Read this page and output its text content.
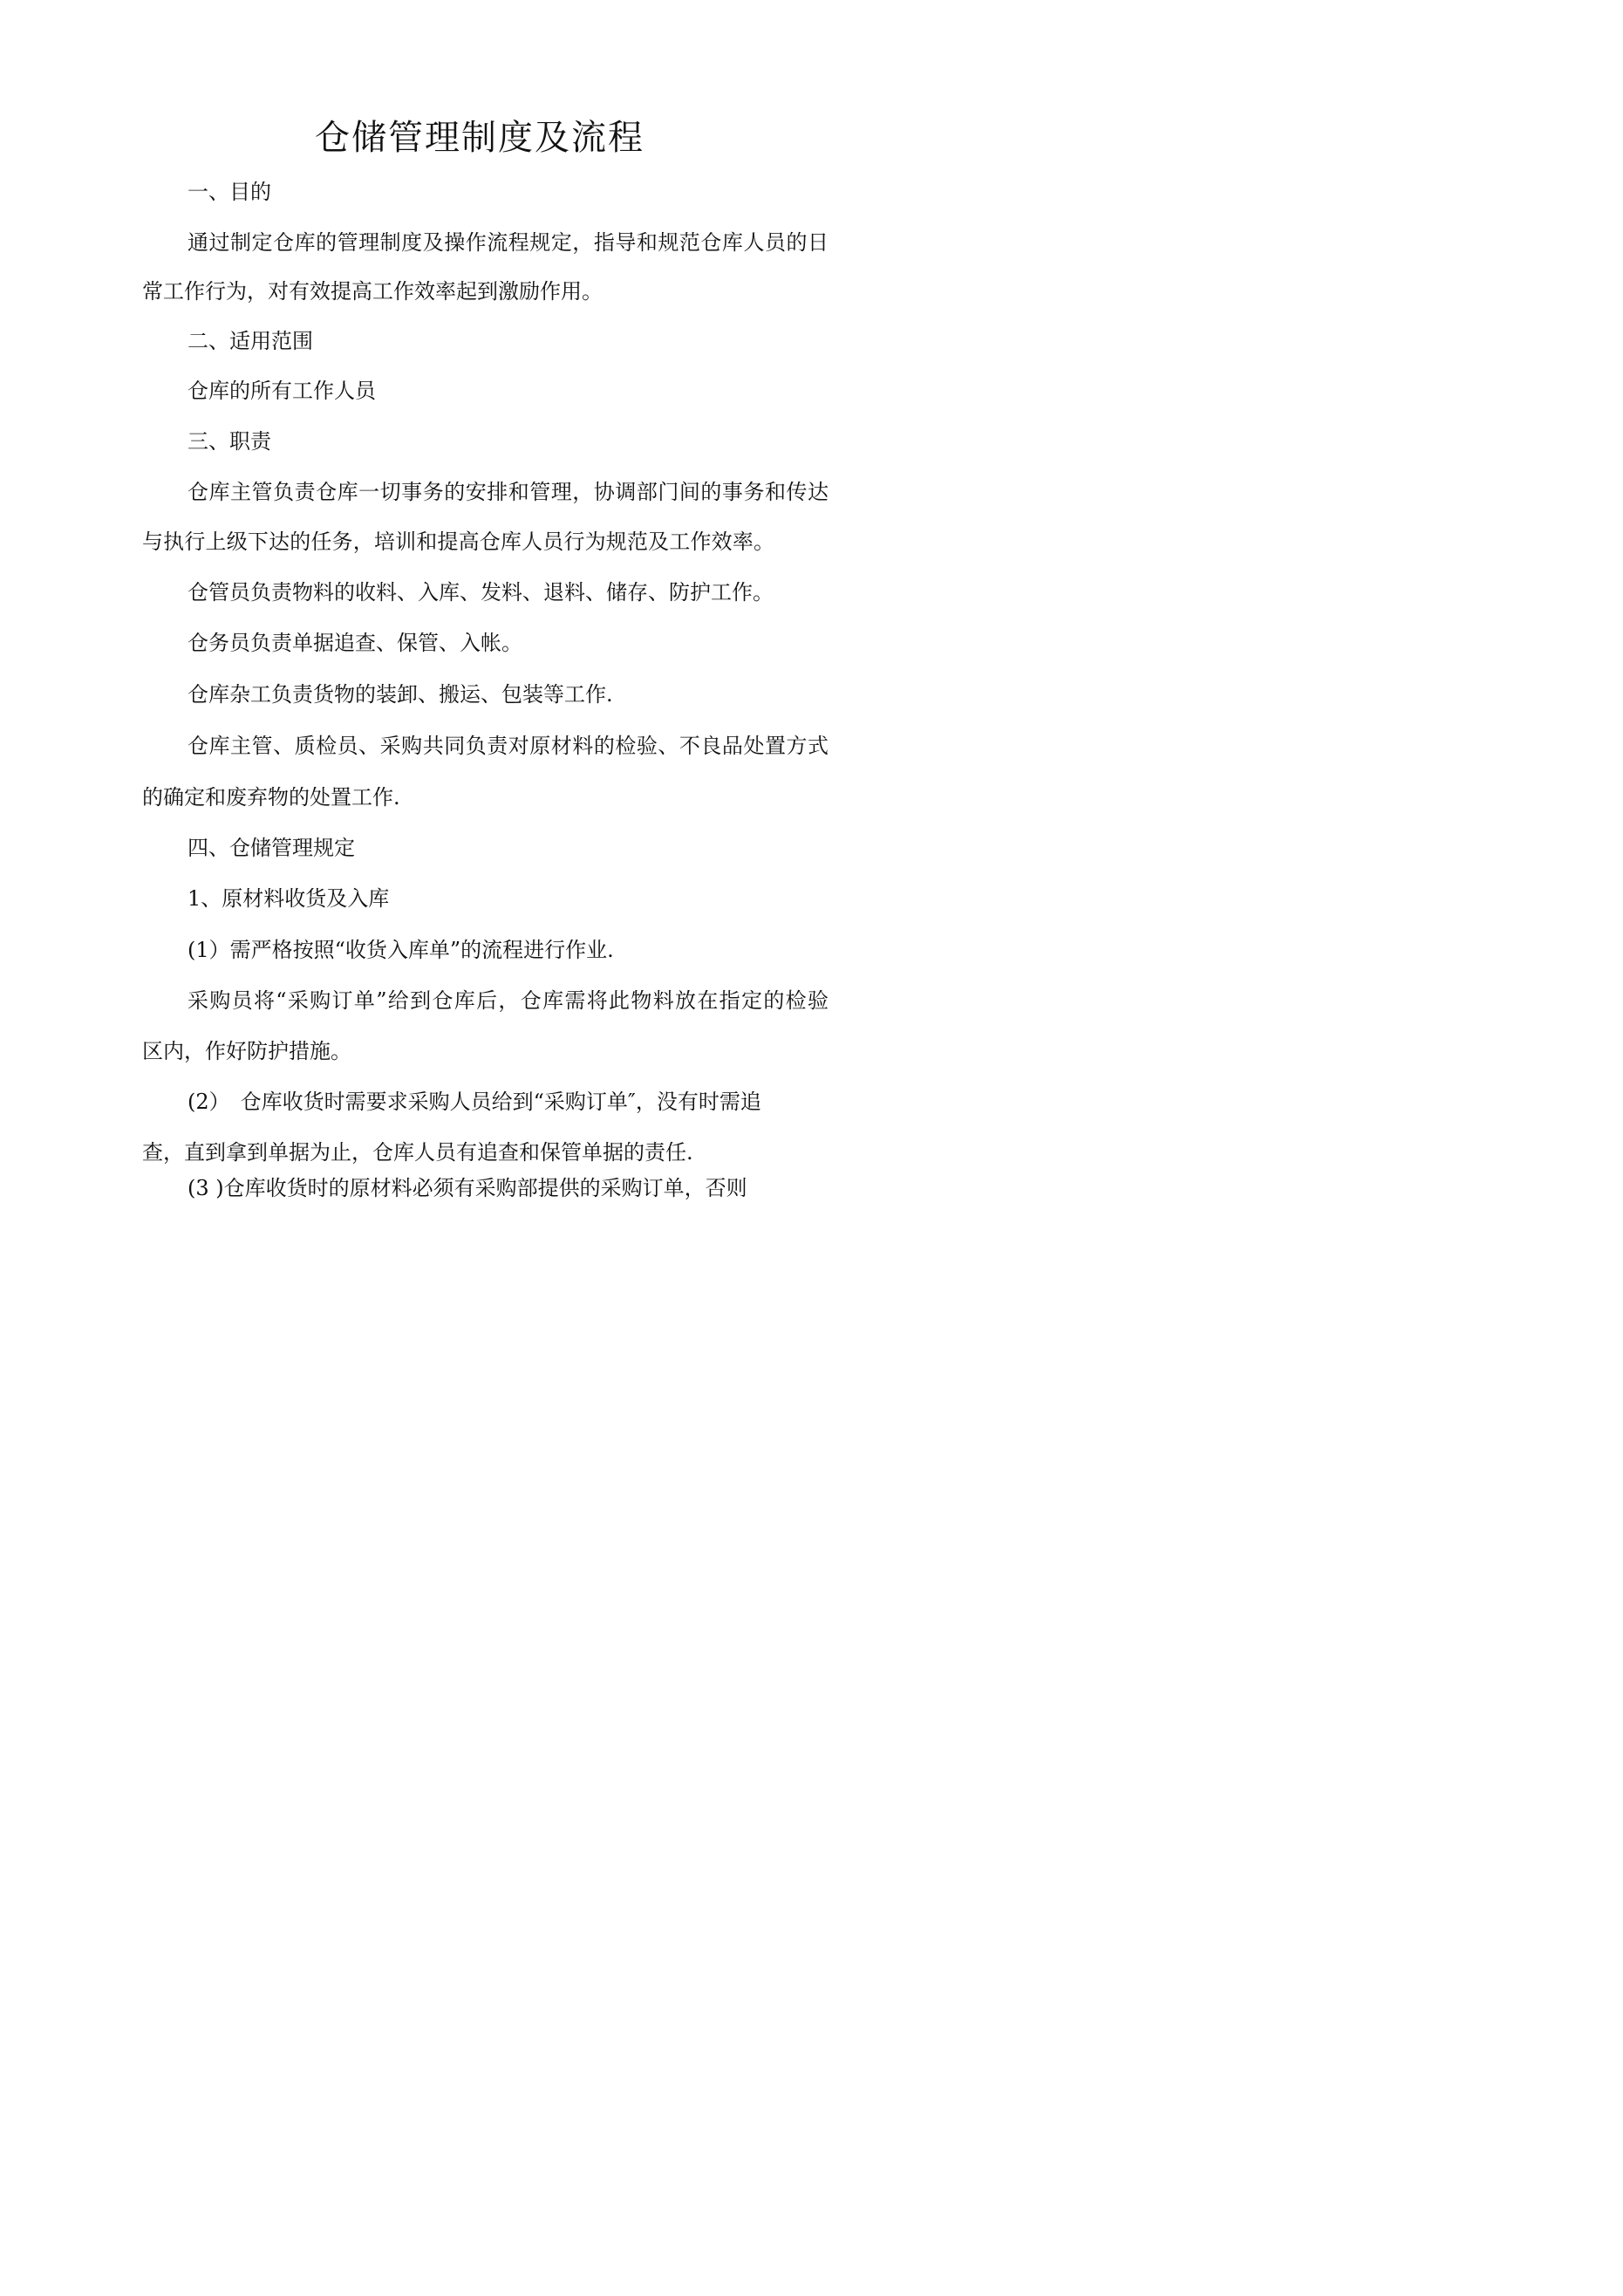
仓储管理制度及流程
一、目的
通过制定仓库的管理制度及操作流程规定，指导和规范仓库人员的日
常工作行为，对有效提高工作效率起到激励作用。
二、适用范围
仓库的所有工作人员
三、职责
仓库主管负责仓库一切事务的安排和管理，协调部门间的事务和传达
与执行上级下达的任务，培训和提高仓库人员行为规范及工作效率。
仓管员负责物料的收料、入库、发料、退料、储存、防护工作。
仓务员负责单据追查、保管、入帐。
仓库杂工负责货物的装卸、搬运、包装等工作.
仓库主管、质检员、采购共同负责对原材料的检验、不良品处置方式
的确定和废弃物的处置工作.
四、仓储管理规定
1、原材料收货及入库
(1）需严格按照“收货入库单”的流程进行作业.
采购员将“采购订单”给到仓库后，仓库需将此物料放在指定的检验
区内，作好防护措施。
(2）　仓库收货时需要求采购人员给到“采购订单″，没有时需追
查，直到拿到单据为止，仓库人员有追查和保管单据的责任.
(3 )仓库收货时的原材料必须有采购部提供的采购订单，否则
